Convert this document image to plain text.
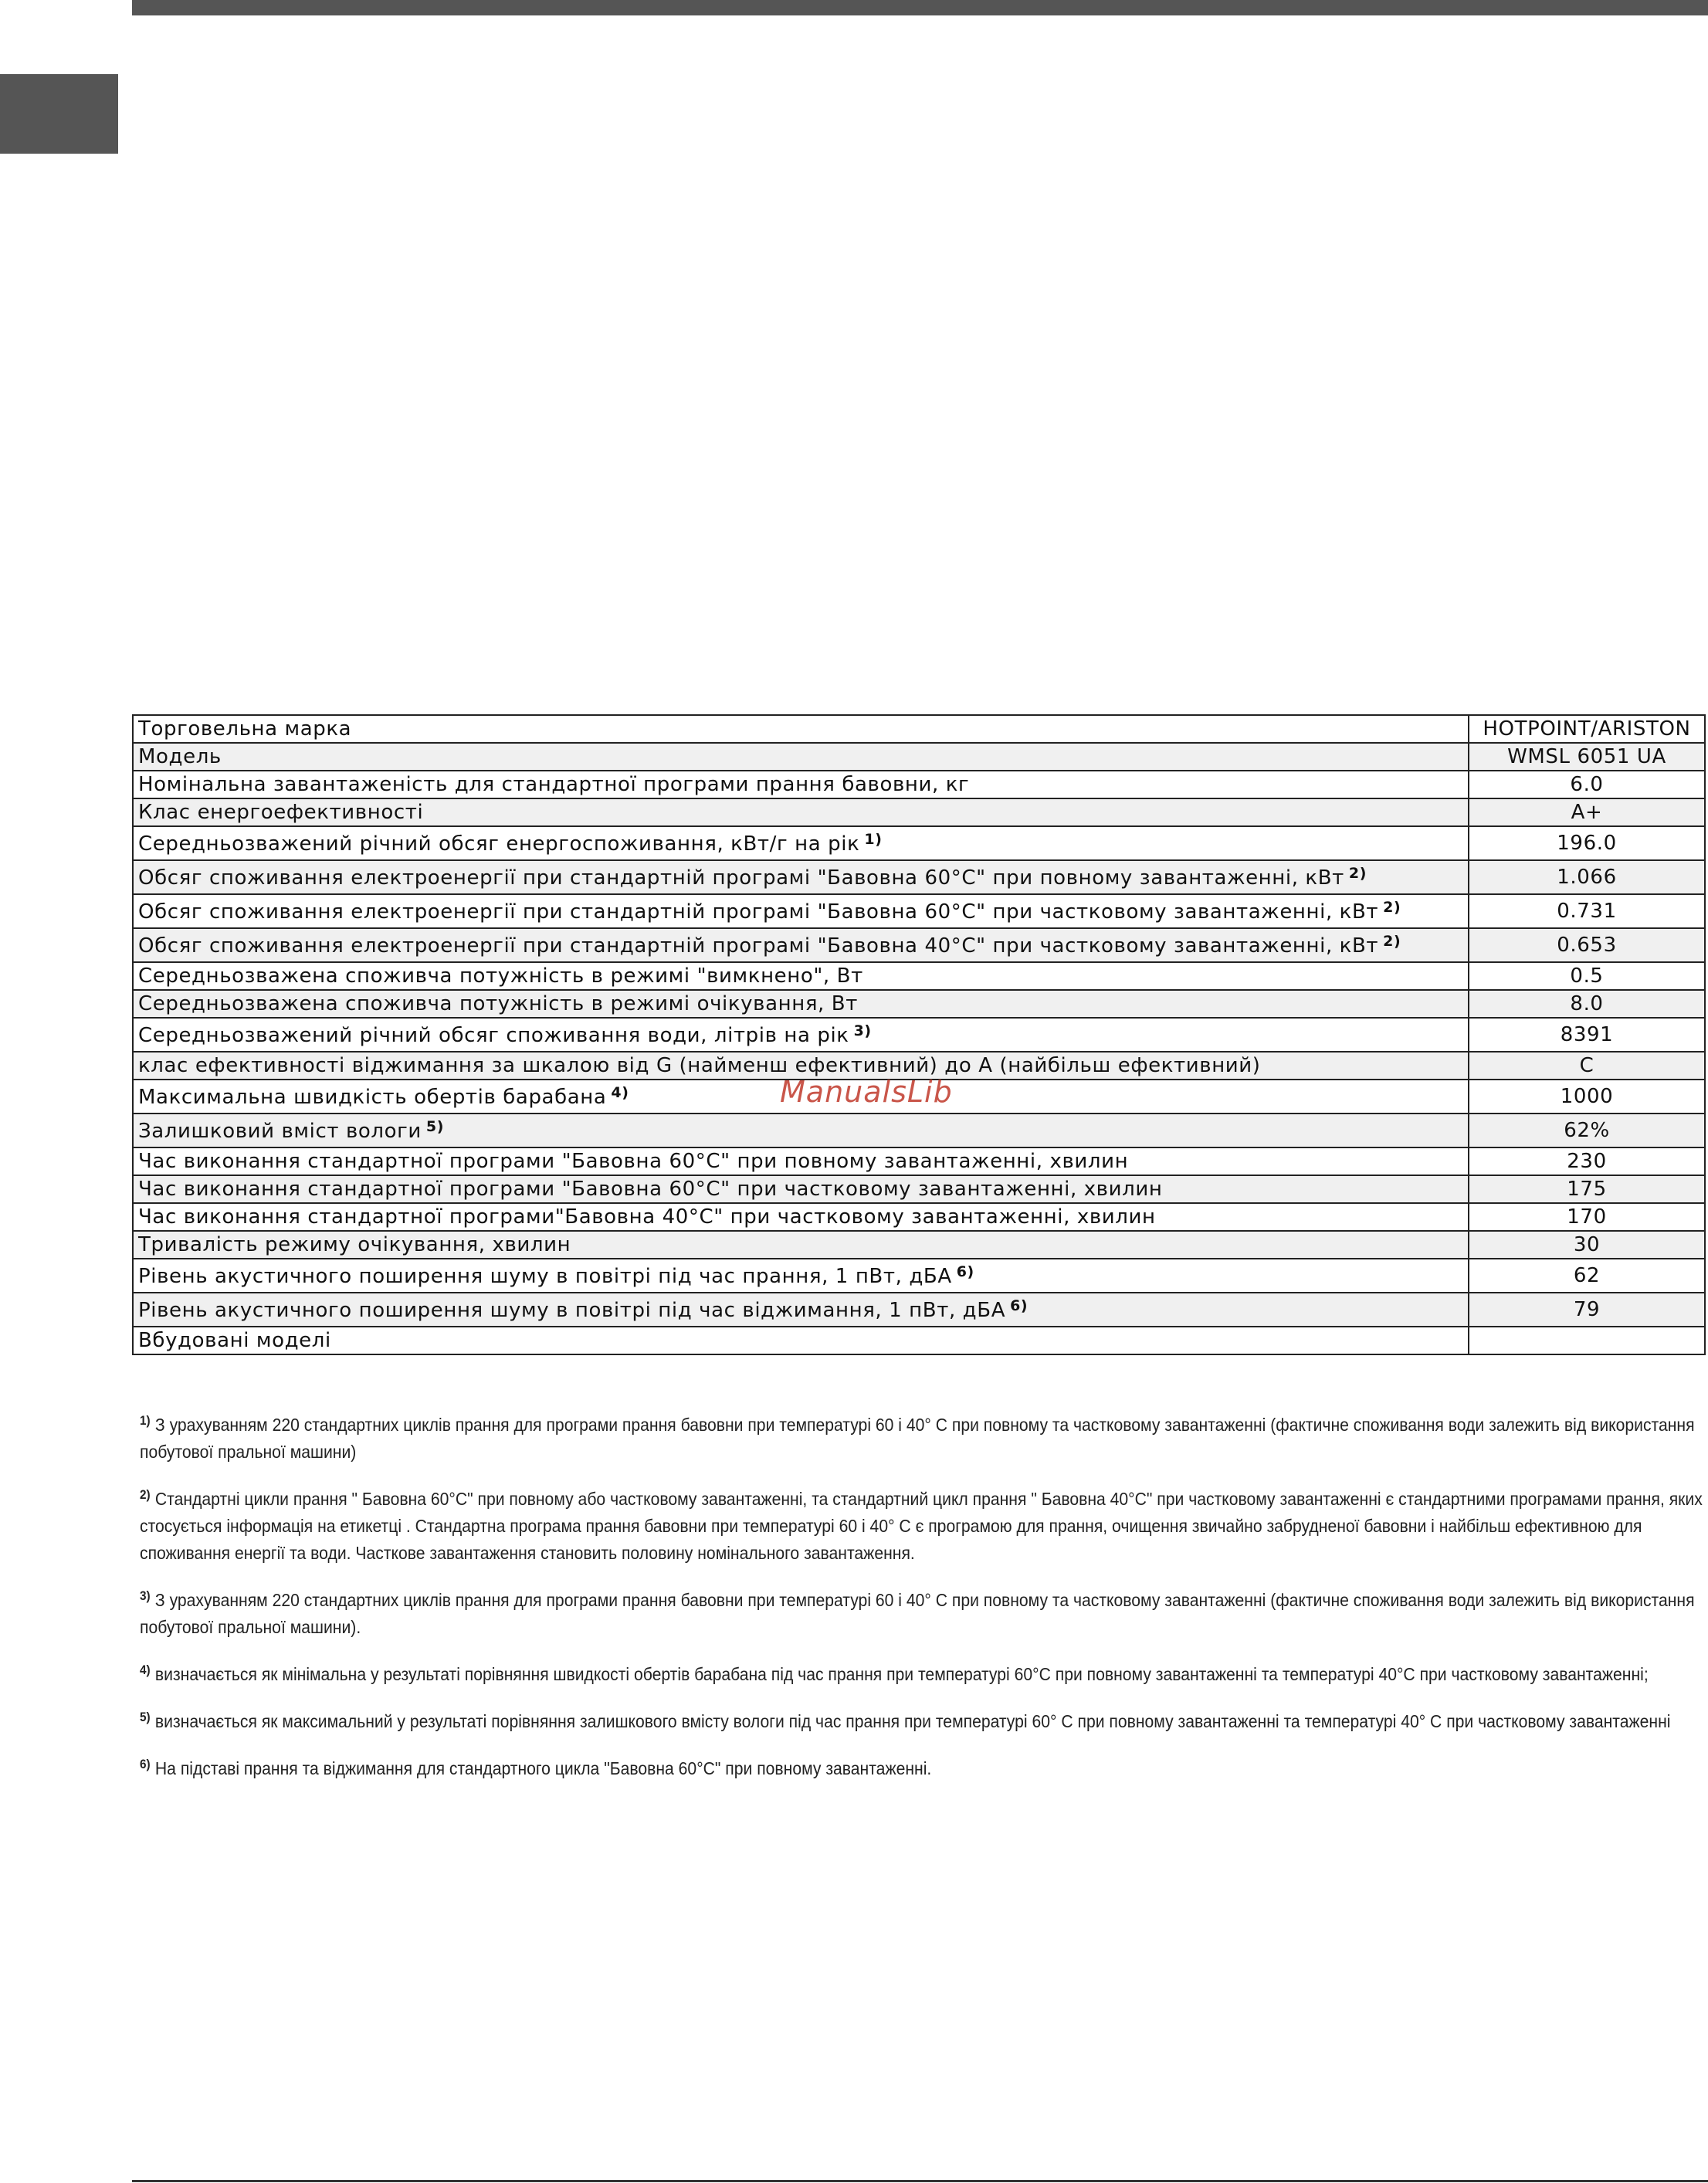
ManualsLib
Торговельна марка	HOTPOINT/ARISTON
Модель	WMSL 6051 UA
Номінальна завантаженість для стандартної програми прання бавовни, кг	6.0
Клас енергоефективності	A+
Середньозважений річний обсяг енергоспоживання, кВт/г на рік $^{1)}$	196.0
Обсяг споживання електроенергії при стандартній програмі "Бавовна 60°C" при повному завантаженні, кВт $^{2)}$	1.066
Обсяг споживання електроенергії при стандартній програмі "Бавовна 60°C" при частковому завантаженні, кВт $^{2)}$	0.731
Обсяг споживання електроенергії при стандартній програмі "Бавовна 40°C" при частковому завантаженні, кВт $^{2)}$	0.653
Середньозважена споживча потужність в режимі "вимкнено", Вт	0.5
Середньозважена споживча потужність в режимі очікування, Вт	8.0
Середньозважений річний обсяг споживання води, літрів на рік $^{3)}$	8391
клас ефективності віджимання за шкалою від G (найменш ефективний) до A (найбільш ефективний)	C
Максимальна швидкість обертів барабана $^{4)}$	1000
Залишковий вміст вологи $^{5)}$	62%
Час виконання стандартної програми "Бавовна 60°C" при повному завантаженні, хвилин	230
Час виконання стандартної програми "Бавовна 60°C" при частковому завантаженні, хвилин	175
Час виконання стандартної програми"Бавовна 40°C" при частковому завантаженні, хвилин	170
Тривалість режиму очікування, хвилин	30
Рівень акустичного поширення шуму в повітрі під час прання, 1 пВт, дБА $^{6)}$	62
Рівень акустичного поширення шуму в повітрі під час віджимання, 1 пВт, дБА $^{6)}$	79
Вбудовані моделі	

$^{1)}$ З урахуванням 220 стандартних циклів прання для програми прання бавовни при температурі 60 і 40° С при повному та частковому завантаженні (фактичне споживання води залежить від використання побутової пральної машини)

$^{2)}$ Стандартні цикли прання " Бавовна 60°C" при повному або частковому завантаженні, та стандартний цикл прання " Бавовна 40°C" при частковому завантаженні є стандартними програмами прання, яких стосується інформація на етикетці . Стандартна програма прання бавовни при температурі 60 і 40° С є програмою для прання, очищення звичайно забрудненої бавовни і найбільш ефективною для споживання енергії та води. Часткове завантаження становить половину номінального завантаження.

$^{3)}$ З урахуванням 220 стандартних циклів прання для програми прання бавовни при температурі 60 і 40° С при повному та частковому завантаженні (фактичне споживання води залежить від використання побутової пральної машини).

$^{4)}$ визначається як мінімальна у результаті порівняння швидкості обертів барабана під час прання при температурі 60°C при повному завантаженні та температурі 40°C при частковому завантаженні;

$^{5)}$ визначається як максимальний у результаті порівняння залишкового вмісту вологи під час прання при температурі 60° С при повному завантаженні та температурі 40° С при частковому завантаженні

$^{6)}$ На підставі прання та віджимання для стандартного цикла "Бавовна 60°C" при повному завантаженні.
